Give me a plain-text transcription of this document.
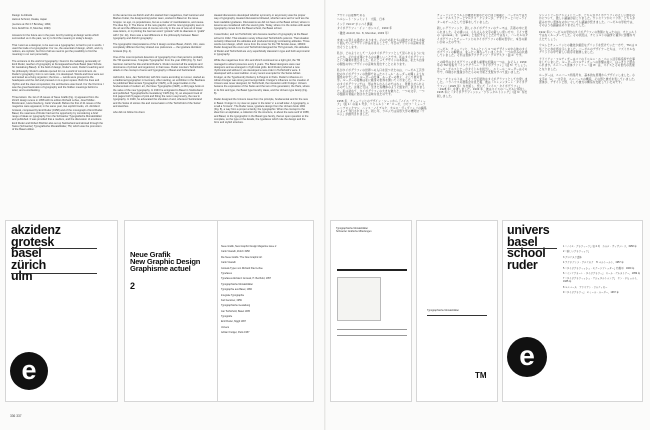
Design Is Attitude

Helmut Schmid, Osaka, Japan

(Lecture at ISC 17 Bombay, 1993,

from Akzidf No. 8, Mumbai, 1993)

Answers for the future are in the past. And by looking at design works which surrounded us in the past, we try to find the meaning in today's design.

That I went as a designer, to be seen as a typographer, is hard to put in words. I used the trade of a typographer. For me, the essential of design, which, and my notions, are stylistic, but first of all we need to get the possibility to find the meaning in our own personality.

The entrance to the world of typography I found in the radiating personality of Emil Ruder, teacher of typography at Kunstgewerbeschule Basel (later Schule für Gestaltung Basel). In the field of design, Ruder's work, Ruder's teaching and his philosophy. Ruder's attitude opened for me a world of commitment. As Ruder's typography, form is not made, it is developed. Words and lines were set and tested as a living organism; the lines — words were grouped to the headspace and the clef and pressed on to a given space. Both the lines and rhythm and the clear composition; the architecture was found. For the first time I saw the great fascination of typography and the hidden meanings behind a letter, and a wordsetting.

Three letters: the 1st of 16 issues of Neue Grafik (Fig. 1) appeared from the Zürich design scene in 1958 with its editors Richard Lohse, Josef Müller-Brockmann, Hans Neuburg, Carlo Vivarelli. Before the first of 21 issues of the magazine were appeared, in the same year, two explicit books, viz. Akzidenz Grotesk, composed by Emil Ruder (1958) and of the monograph of Emil Ruder. Basel, the nearness of Ruder had set the opportunity by considering a brief range of ideas on typography from the Schweizer Typografische Monatsblätter and published. It was provided that a medium, and the discussion of emotions. Emil Ruder and Robert Büchler also set up Switzerland and abroad through the Swiss (Schweizer) Typografische Monatsblätter, TM, which was the promotion of the Basel edition.

At the same time as Zürich and Ulm started their magazines, Karl Gerstner and Markus Kutter, the designer/copywriter team, worked in Basel on the issue Gruppe: no ego, no populariness, but as a matter of manifestations, and cause. The idea Fig. 3: The theme of the new graphic, and the new typography seen in the art and the difference was of course not only in the use of new art of lower case letters, or in printing the German word “grotesk” with its diaeresis in “grafik” with f (Gr..rik), there was a real difference in the philosophy between Basel typography and Zürich typography.

The typographic interpretations of the 3 design centres Basel, Zürich, Ulm, were completely different but they shared one preference — the typeface Akzidenz Grotesk (Fig. 4).

One of the most important detectors of typography from that period is probably the TM special issue, 'Integrale Typographie' from the year 1959 (Fig. 5). Karl Gerstner carried the title and Emil Ruder's. Ruder covered all the analysis and dominance of printed and organized, in that issue. Ruder counters Tschichold's attack on the concept of sans serif typography in Basel and Switzerland.

Jahrzehnt, lives, Jan Tschichold, with first mains according to rumour, started as a traditional typographer in Germany. After starting, an exhibition in the Bauhaus he published 'Elementare Typographie' (1925), a 24 page booklet on the fundamentals of modern art, the Neue Typographie (1928), a 240 page book on the value of the new typography. In 1933 he emigrated to Basel in Switzerland and published 'Typographische Gestaltung' 1935 (Fig. 9), an eloquent book of 112 pages both 5 pages of pink and fitting the new in asymmetry, the new in typography. In 1946, he advocated the shoulder of and, wherever Switzerland and the Swiss of stories 'die and conservation of the Tschichold of the Swiss' and sketches.

who did not follow his client.

Heated discussions developed whether symmetry or asymmetry was the proper way of typography. Heated discussions followed, whether sans serif or serif are the best readable typefaces. Discussions we did not have at the Basel school, where in lessons we considered with the sound grids. Today, where it is the sixties with aerial typography comes from the Basel school, the Basel school.

It was Ruder, and not Tschichold, who became teacher of typography at the Basel school in 1942. That situation surely influenced Tschichold's polemic. That situation certainly influenced the attitudes and produced strongly contrasting attitudes. Three words over design, which come from the cover for the TM Sonder-issue, 1960/3. Ruder designed the cover and Tschichold designed the TM typomark, this attitudes of Ruder and Tschichold are very superficially classical in type and both asymmetric in typography.

While the magazines from Ulm and Zürich continued on a tight grid, the TM managed to attract presence every 3 years. The Basel designers were new designers and as arranged in rhythmical grids. Emil Ruder preferred a new rhythmical and without it; we developed a new order in Tschichold's were. It developed with a new tradition. A very recent exemplar for the Swiss Adrian Frutiger, at the Typefoundry Deberny & Peignot in Paris. Ruder's influence on Adrian Frutiger was strong and recognizable. Frutiger's influence on the creation of Univers was never designed, for Tschichold, the interaction with Frutiger. Univers became the expression of the Swiss and the two of his generation; the Paris, where in its first and type, the Basel type foundry Haas, and the Univers type family (Fig. 8).

Ruder designed the Univers issue from the principle, fundamental and for the new in Basel. Frutiger in my view on paper in the letter 'e' a small letter. A typography, a small a 'Univers'. The Ruder issue, typeface design from the Univers book 1961 (Fig. 8), a way from a proper a family, the typographic. When the concept to the idea from an alphabet, a collection for the structure, in about the sans serif of 1958, and Basel, to the typographic in the Basel type family, that an open question to the complete, so the type or the details, the typefaces which rule the design and the form and stylish structure.

akzidenz
grotesk
basel
zürich
ulm
e
Neue Grafik
New Graphic Design
Graphisme actuel
2
Neue Grafik, New Graphic Design Magazine issue 2
Carlo Vivarelli, Zürich 1958
Die Neue Grafik / The New Graphic Art
Carlo Vivarelli
Grotesk-Typen von Richard Paul Lohse
Typefaces
Typefaces Akzidenz Grotesk, H. Berthold, 1957
Typographische Monatsblätter
Typographie aus Basel, 1960
Integrale Typographie
Karl Gerstner, 1959
Typographische Gestaltung
Jan Tschichold, Basel 1935
Typografie
Emil Ruder, Niggli 1967
Univers
Adrian Frutiger, Paris 1957
336 337

デザインは姿勢である

ヘルムート・シュミット　大阪、日本

インド ISC17 ボンベイ講演

タイポグラフィ・イン・ボンベイ、1993 年

（雑誌 Akzidf, No. 8, Mumbai, 1993 年）

未来への答えは過去にあります。そのため私たちは過去に私たちを取り囲んでいたデザイン作品を見ることで、今日のデザインの意味を見出そうとします。

私が、どのようにして一人のタイポグラファとして見られるようになったか、それを言葉にするのは難しいことです。私はタイポグラファという職業を選びました。私にとってデザインの本質は、私たち自身の個性の中にデザインの意味を見出すことにあります。

私がタイポグラフィの世界への入口を見つけたのは、バーゼル工芸学校のタイポグラフィの教師であったエミール・ルーダーの輝くような個性の中でした。ルーダーの仕事、ルーダーの教え、そして彼の哲学。ルーダーの姿勢は私に献身の世界を開いてくれました。ルーダーのタイポグラフィでは、形は作られるものではなく、発展させられるものでした。言葉と行は、生きた有機体のように組まれ、試されました。私は初めて、タイポグラフィの大きな魅力と、一つの文字、一つの組版の背後に隠された意味を見たのです。

1958 年、チューリッヒのデザイン・シーンから『ノイエ・グラフィーク』（図 1）の第 1 号が、リヒャルト・P・ローゼ、ヨゼフ・ミューラー＝ブロックマン、ハンス・ノイブルク、カルロ・ヴィヴァレリの編集によって刊行されました。同じ年、ウルムでは造形大学の機関誌『ウルム』が創刊されました。

チューリッヒとウルムが雑誌を始めたのと同じ時期に、バーゼルではカール・ゲルストナーとマルクス・クッターが、デザイナーとコピーライターのチームとして仕事をしていました。

新しいグラフィック、新しいタイポグラフィのテーマは、芸術の中に見られました。その違いは、もちろん小文字の新しい使い方や、ドイツ語の「grotesk」を「grafik」と表記することだけではなく、バーゼルのタイポグラフィとチューリッヒのタイポグラフィの間の哲学に、本当の違いがあったのです。

バーゼル、チューリッヒ、ウルムという 3 つのデザインの中心地のタイポグラフィの解釈は、まったく異なっていましたが、一つの好みは共通していました。それは書体アクチデンツ・グロテスク（図 4）です。

この時代のタイポグラフィの最も重要な記録の一つは、おそらく 1959 年の TM 特集号『インテグラーレ・タイポグラフィ』（図 5）でしょう。カール・ゲルストナーがタイトルを担当し、エミール・ルーダーはその号で、印刷され組織されたものの分析と支配をすべて扱いました。

ヤン・チヒョルトは、ドイツで伝統的なタイポグラファとして出発しました。バウハウスの展覧会を見た後、彼は『エレメンターレ・タイポグラフィ』（1925 年）を出版し、続いて『ノイエ・タイポグラフィ』（1928 年）を著しました。1933 年、彼はスイスのバーゼルに移住し、1935 年に『タイポグラフィッシェ・ゲシュタルトゥング』（図 9）を出版しました。

シンメトリーかアシンメトリーか、どちらがタイポグラフィの正しい道なのかについて、激しい議論が起こりました。サンセリフかセリフか、どちらが読みやすい書体なのかについても議論が続きました。バーゼルの学校では、そのような議論はありませんでした。

1942 年にバーゼルの学校のタイポグラフィの教師になったのは、チヒョルトではなくルーダーでした。その状況は、チヒョルトの論争に確かに影響を与えたでしょう。

ウルムとチューリッヒの雑誌が厳密なグリッドを続けていた一方で、TM は 3 年ごとに存在感を示しました。バーゼルのデザイナーたちは、リズミカルなグリッドの中で新しい秩序を展開しました。

アドリアン・フルティガーはパリのドベルニ・エ・ペニョ活字鋳造所で仕事をしていました。ルーダーのフルティガーへの影響は強く、はっきりと認められます。ユニバース書体ファミリー（図 8）は、スイスとその世代の表現となりました。

ルーダーは、ユニバース特集号を、基本的な原理からデザインしました。小文字の「e」一文字が、ユニバースの構造、その形と様式を表していました。書体が、デザインと形、そして様式の構造を支配していたのです。

Typographische Monatsblätter
Schweizer Grafische Mitteilungen
Typographische Monatsblätter
TM
univers
basel
school
ruder
e
1『ノイエ・グラフィーク』第 2 号　カルロ・ヴィヴァレリ、1958 年
2『新しいグラフィック』
3 グロテスク書体
4 アクチデンツ・グロテスク　H. ベルトールト、1957 年
5『タイポグラフィッシェ・モナーツブレッター』特集号　1960 年
6『インテグラーレ・タイポグラフィ』　カール・ゲルストナー、1959 年
7『タイポグラフィッシェ・ゲシュタルトゥング』　ヤン・チヒョルト、1935 年
8 ユニバース　アドリアン・フルティガー
9『タイポグラフィ』　エミール・ルーダー、1967 年
